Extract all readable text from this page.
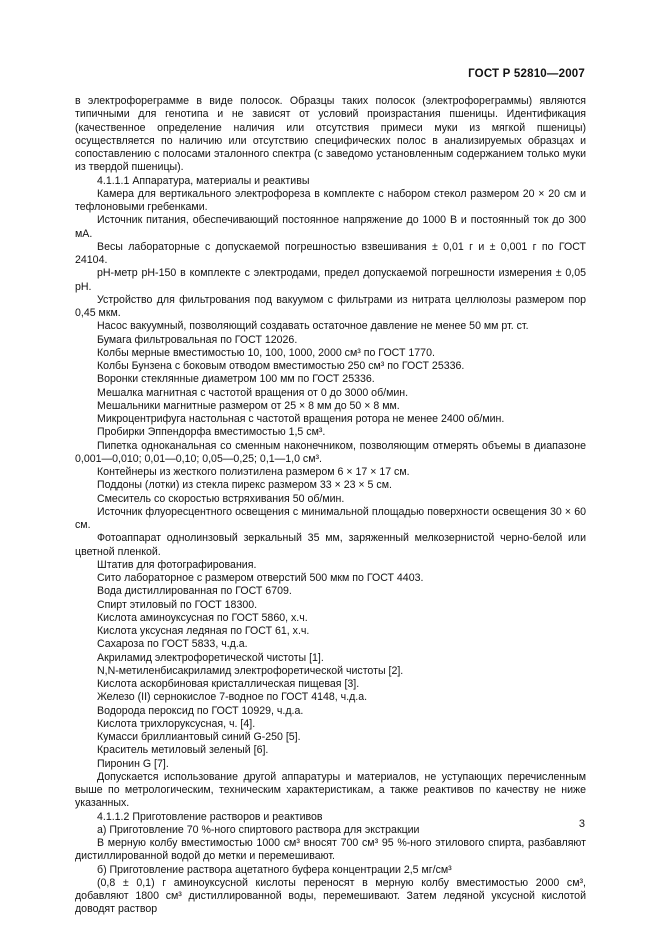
ГОСТ Р 52810—2007

в электрофореграмме в виде полосок. Образцы таких полосок (электрофореграммы) являются типичными для генотипа и не зависят от условий произрастания пшеницы. Идентификация (качественное определение наличия или отсутствия примеси муки из мягкой пшеницы) осуществляется по наличию или отсутствию специфических полос в анализируемых образцах и сопоставлению с полосами эталонного спектра (с заведомо установленным содержанием только муки из твердой пшеницы).

4.1.1.1 Аппаратура, материалы и реактивы

Камера для вертикального электрофореза в комплекте с набором стекол размером 20 × 20 см и тефлоновыми гребенками.

Источник питания, обеспечивающий постоянное напряжение до 1000 В и постоянный ток до 300 мА.

Весы лабораторные с допускаемой погрешностью взвешивания ± 0,01 г и ± 0,001 г по ГОСТ 24104.

рН-метр рН-150 в комплекте с электродами, предел допускаемой погрешности измерения ± 0,05 рН.

Устройство для фильтрования под вакуумом с фильтрами из нитрата целлюлозы размером пор 0,45 мкм.

Насос вакуумный, позволяющий создавать остаточное давление не менее 50 мм рт. ст.

Бумага фильтровальная по ГОСТ 12026.

Колбы мерные вместимостью 10, 100, 1000, 2000 см³ по ГОСТ 1770.

Колбы Бунзена с боковым отводом вместимостью 250 см³ по ГОСТ 25336.

Воронки стеклянные диаметром 100 мм по ГОСТ 25336.

Мешалка магнитная с частотой вращения от 0 до 3000 об/мин.

Мешальники магнитные размером от 25 × 8 мм до 50 × 8 мм.

Микроцентрифуга настольная с частотой вращения ротора не менее 2400 об/мин.

Пробирки Эппендорфа вместимостью 1,5 см³.

Пипетка одноканальная со сменным наконечником, позволяющим отмерять объемы в диапазоне 0,001—0,010; 0,01—0,10; 0,05—0,25; 0,1—1,0 см³.

Контейнеры из жесткого полиэтилена размером 6 × 17 × 17 см.

Поддоны (лотки) из стекла пирекс размером 33 × 23 × 5 см.

Смеситель со скоростью встряхивания 50 об/мин.

Источник флуоресцентного освещения с минимальной площадью поверхности освещения 30 × 60 см.

Фотоаппарат однолинзовый зеркальный 35 мм, заряженный мелкозернистой черно-белой или цветной пленкой.

Штатив для фотографирования.

Сито лабораторное с размером отверстий 500 мкм по ГОСТ 4403.

Вода дистиллированная по ГОСТ 6709.

Спирт этиловый по ГОСТ 18300.

Кислота аминоуксусная по ГОСТ 5860, х.ч.

Кислота уксусная ледяная по ГОСТ 61, х.ч.

Сахароза по ГОСТ 5833, ч.д.а.

Акриламид электрофоретической чистоты [1].

N,N-метиленбисакриламид электрофоретической чистоты [2].

Кислота аскорбиновая кристаллическая пищевая [3].

Железо (II) сернокислое 7-водное по ГОСТ 4148, ч.д.а.

Водорода пероксид по ГОСТ 10929, ч.д.а.

Кислота трихлоруксусная, ч. [4].

Кумасси бриллиантовый синий G-250 [5].

Краситель метиловый зеленый [6].

Пиронин G [7].

Допускается использование другой аппаратуры и материалов, не уступающих перечисленным выше по метрологическим, техническим характеристикам, а также реактивов по качеству не ниже указанных.

4.1.1.2 Приготовление растворов и реактивов

а) Приготовление 70 %-ного спиртового раствора для экстракции

В мерную колбу вместимостью 1000 см³ вносят 700 см³ 95 %-ного этилового спирта, разбавляют дистиллированной водой до метки и перемешивают.

б) Приготовление раствора ацетатного буфера концентрации 2,5 мг/см³

(0,8 ± 0,1) г аминоуксусной кислоты переносят в мерную колбу вместимостью 2000 см³, добавляют 1800 см³ дистиллированной воды, перемешивают. Затем ледяной уксусной кислотой доводят раствор

3
